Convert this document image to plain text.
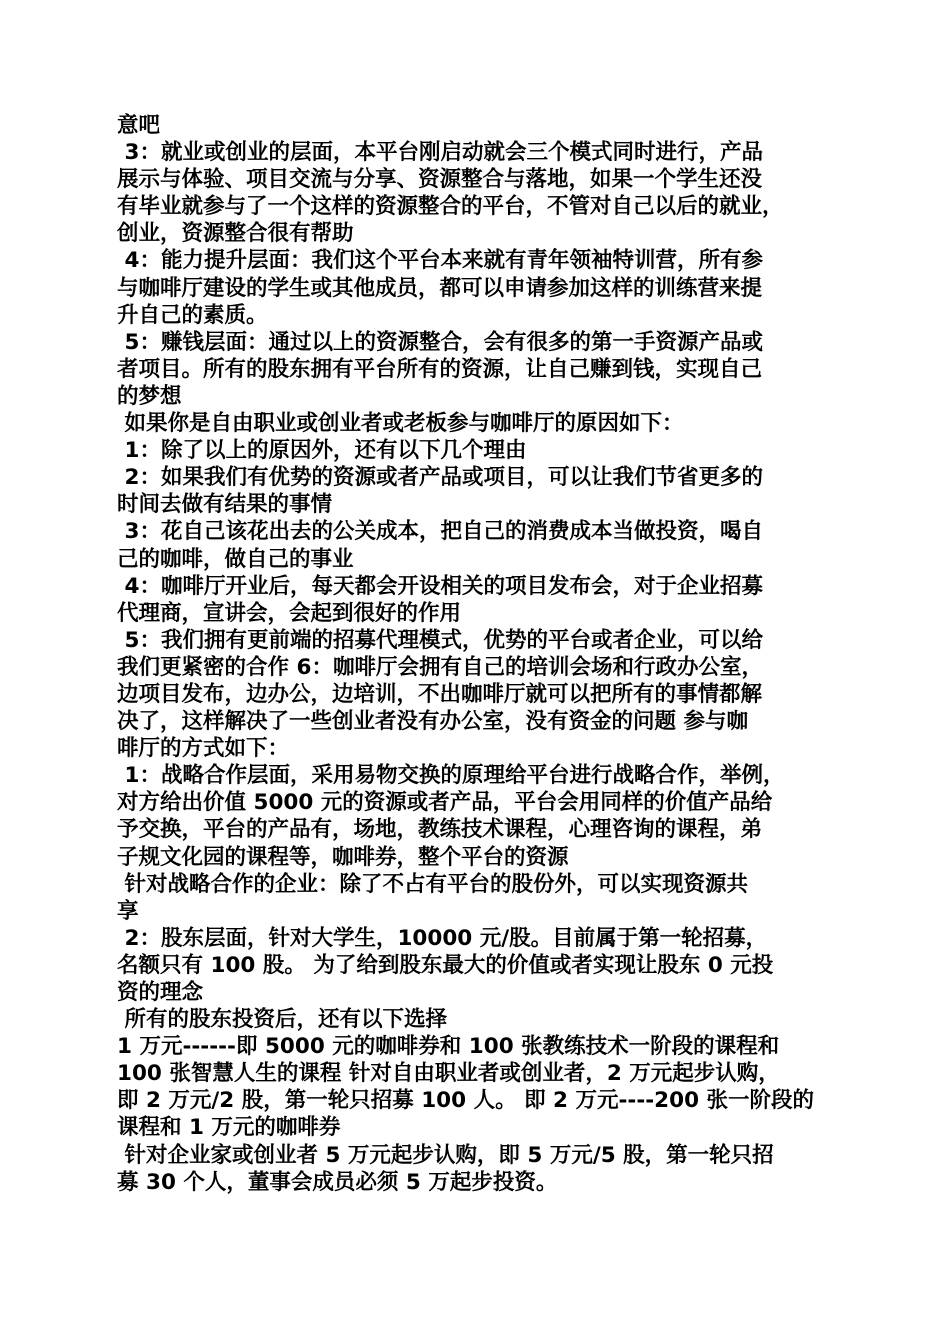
意吧
3：就业或创业的层面，本平台刚启动就会三个模式同时进行，产品
展示与体验、项目交流与分享、资源整合与落地，如果一个学生还没
有毕业就参与了一个这样的资源整合的平台，不管对自己以后的就业，
创业，资源整合很有帮助
4：能力提升层面：我们这个平台本来就有青年领袖特训营，所有参
与咖啡厅建设的学生或其他成员，都可以申请参加这样的训练营来提
升自己的素质。
5：赚钱层面：通过以上的资源整合，会有很多的第一手资源产品或
者项目。所有的股东拥有平台所有的资源，让自己赚到钱，实现自己
的梦想
如果你是自由职业或创业者或老板参与咖啡厅的原因如下：
1：除了以上的原因外，还有以下几个理由
2：如果我们有优势的资源或者产品或项目，可以让我们节省更多的
时间去做有结果的事情
3：花自己该花出去的公关成本，把自己的消费成本当做投资，喝自
己的咖啡，做自己的事业
4：咖啡厅开业后，每天都会开设相关的项目发布会，对于企业招募
代理商，宣讲会，会起到很好的作用
5：我们拥有更前端的招募代理模式，优势的平台或者企业，可以给
我们更紧密的合作 6：咖啡厅会拥有自己的培训会场和行政办公室，
边项目发布，边办公，边培训，不出咖啡厅就可以把所有的事情都解
决了，这样解决了一些创业者没有办公室，没有资金的问题 参与咖
啡厅的方式如下：
1：战略合作层面，采用易物交换的原理给平台进行战略合作，举例，
对方给出价值 5000 元的资源或者产品，平台会用同样的价值产品给
予交换，平台的产品有，场地，教练技术课程，心理咨询的课程，弟
子规文化园的课程等，咖啡券，整个平台的资源
针对战略合作的企业：除了不占有平台的股份外，可以实现资源共
享
2：股东层面，针对大学生，10000 元/股。目前属于第一轮招募，
名额只有 100 股。 为了给到股东最大的价值或者实现让股东 0 元投
资的理念
所有的股东投资后，还有以下选择
1 万元------即 5000 元的咖啡券和 100 张教练技术一阶段的课程和
100 张智慧人生的课程 针对自由职业者或创业者，2 万元起步认购，
即 2 万元/2 股，第一轮只招募 100 人。 即 2 万元----200 张一阶段的
课程和 1 万元的咖啡券
针对企业家或创业者 5 万元起步认购，即 5 万元/5 股，第一轮只招
募 30 个人，董事会成员必须 5 万起步投资。
